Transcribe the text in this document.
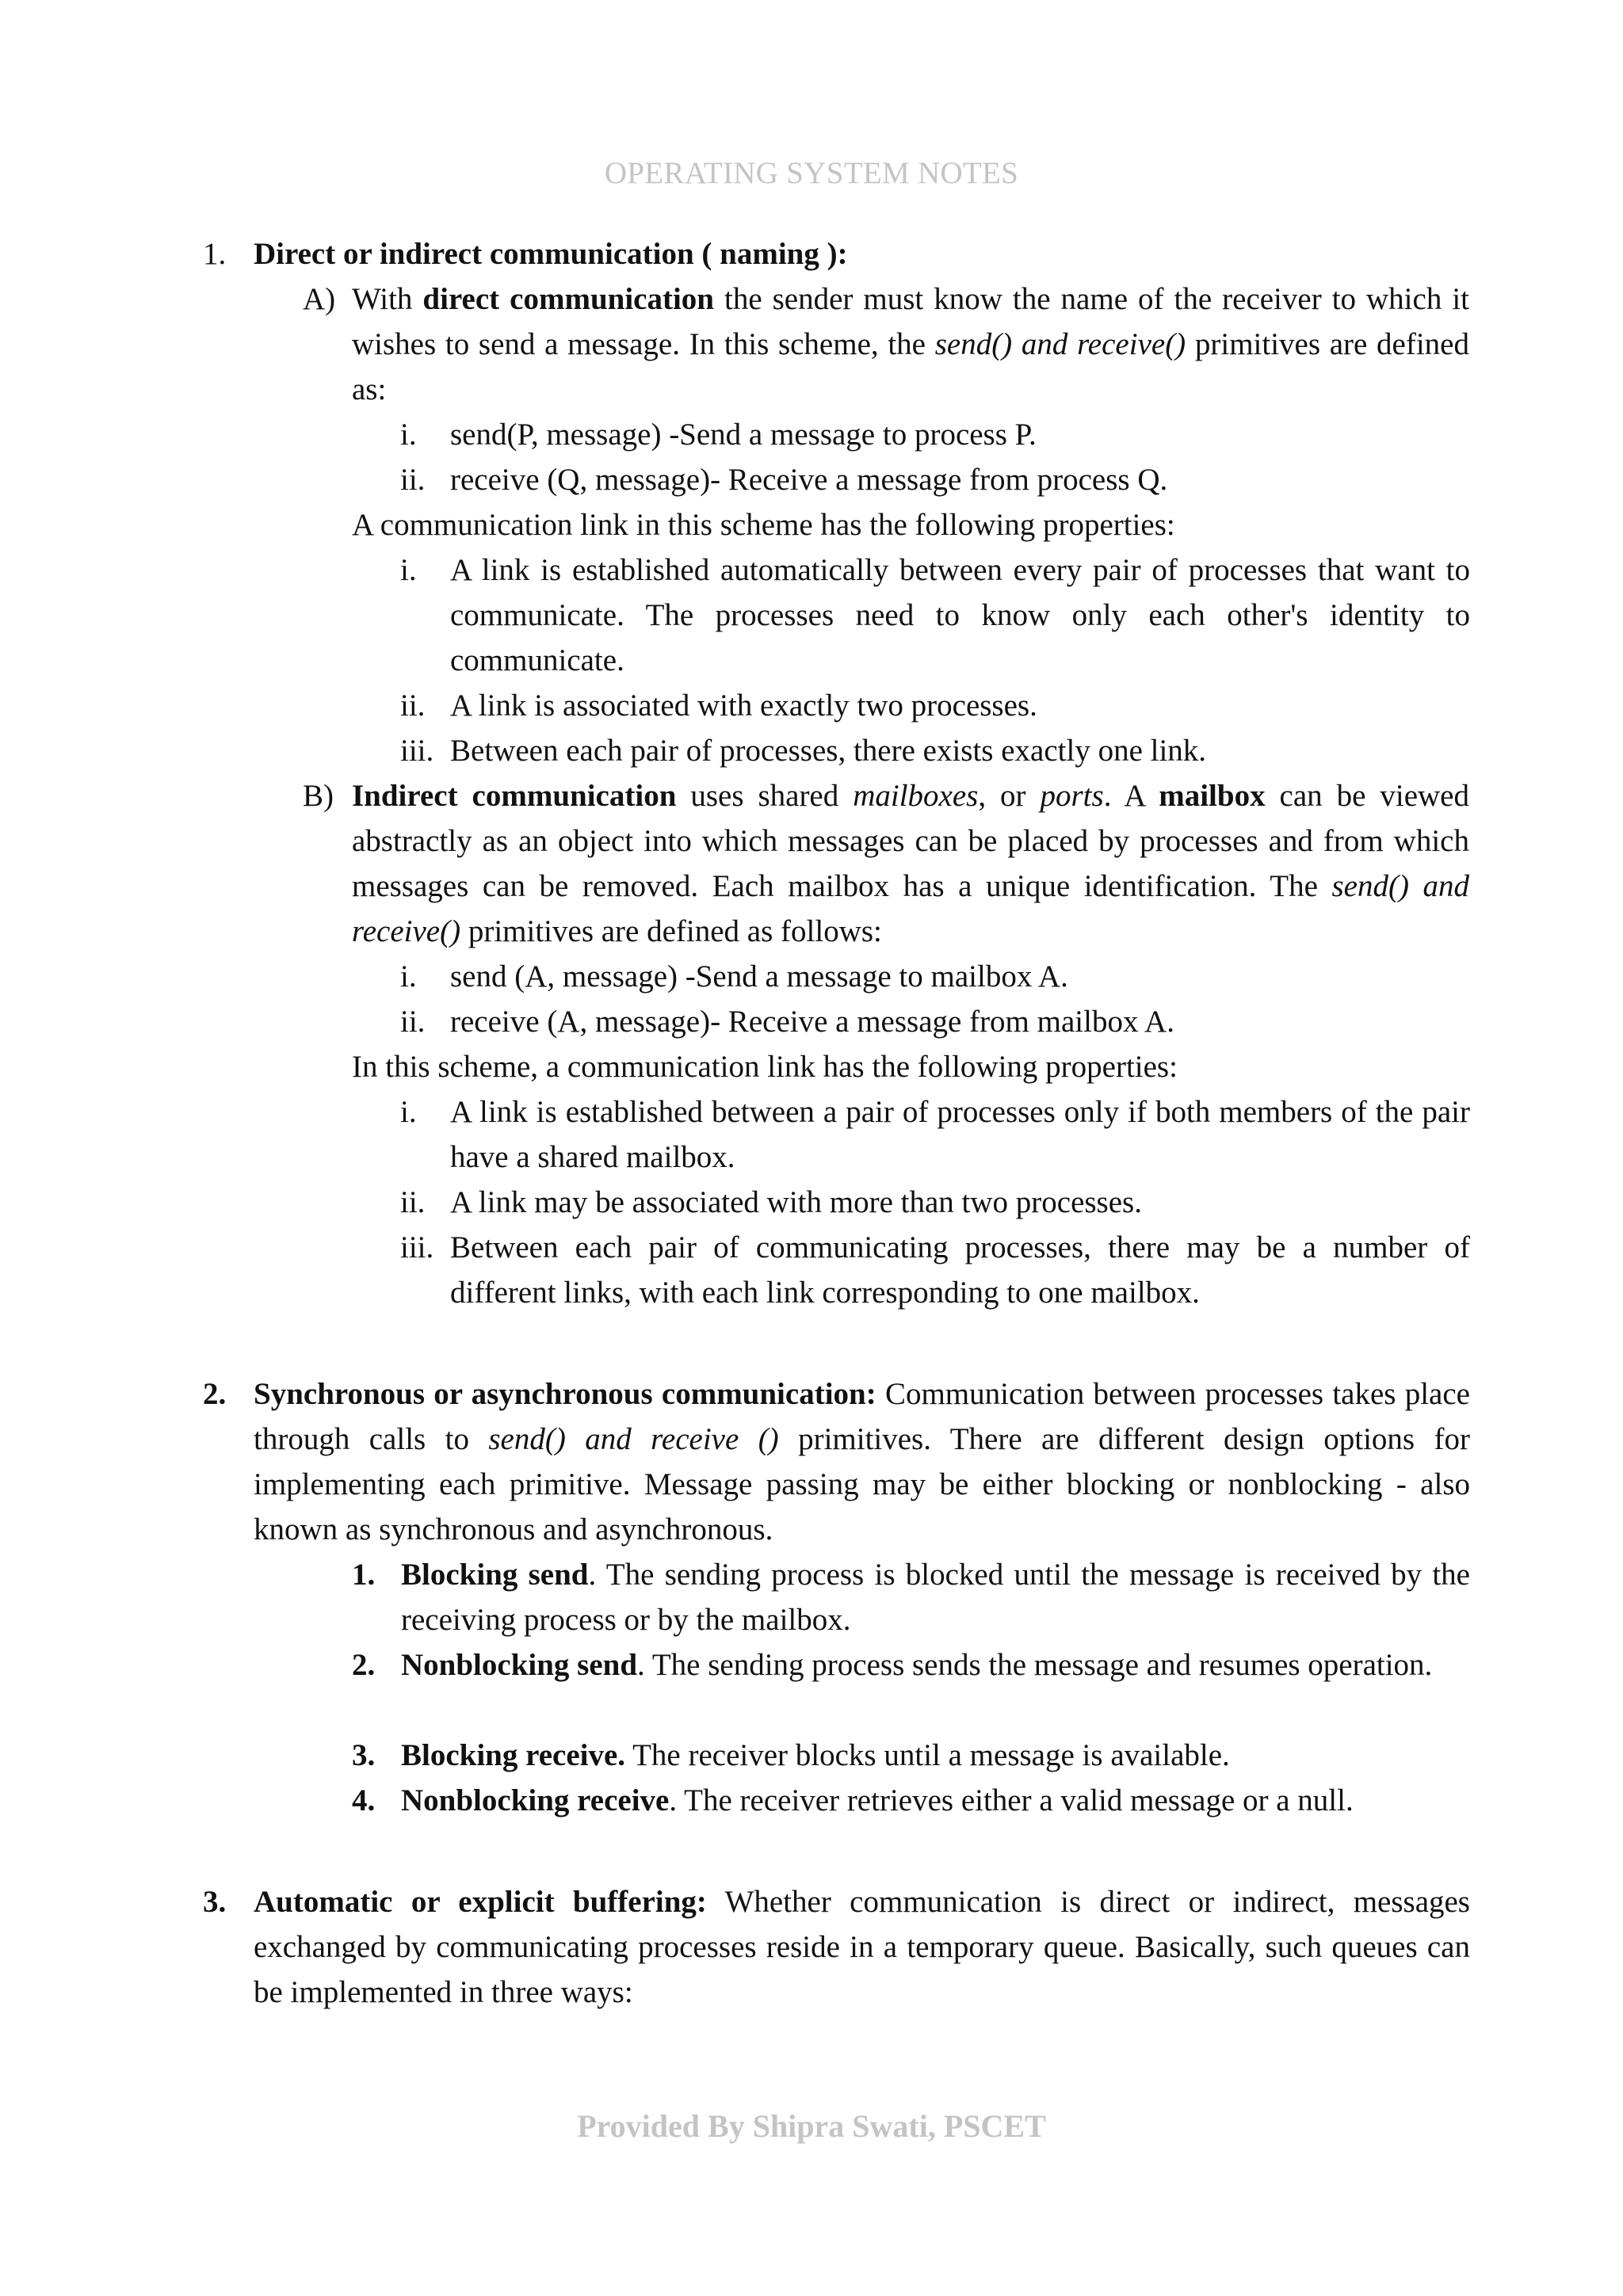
OPERATING SYSTEM NOTES
1. Direct or indirect communication ( naming ):
A) With direct communication the sender must know the name of the receiver to which it wishes to send a message. In this scheme, the send() and receive() primitives are defined as:

i. send(P, message) -Send a message to process P.
ii. receive (Q, message)- Receive a message from process Q.
A communication link in this scheme has the following properties:
i. A link is established automatically between every pair of processes that want to communicate. The processes need to know only each other's identity to communicate.

ii. A link is associated with exactly two processes.
iii. Between each pair of processes, there exists exactly one link.
B) Indirect communication uses shared mailboxes, or ports. A mailbox can be viewed abstractly as an object into which messages can be placed by processes and from which messages can be removed. Each mailbox has a unique identification. The send() and receive() primitives are defined as follows:

i. send (A, message) -Send a message to mailbox A.
ii. receive (A, message)- Receive a message from mailbox A.
In this scheme, a communication link has the following properties:
i. A link is established between a pair of processes only if both members of the pair have a shared mailbox.

ii. A link may be associated with more than two processes.
iii. Between each pair of communicating processes, there may be a number of different links, with each link corresponding to one mailbox.

2. Synchronous or asynchronous communication: Communication between processes takes place through calls to send() and receive () primitives. There are different design options for implementing each primitive. Message passing may be either blocking or nonblocking - also known as synchronous and asynchronous.

1. Blocking send. The sending process is blocked until the message is received by the receiving process or by the mailbox.

2. Nonblocking send. The sending process sends the message and resumes operation.

3. Blocking receive. The receiver blocks until a message is available.

4. Nonblocking receive. The receiver retrieves either a valid message or a null.

3. Automatic or explicit buffering: Whether communication is direct or indirect, messages exchanged by communicating processes reside in a temporary queue. Basically, such queues can be implemented in three ways:

Provided By Shipra Swati, PSCET
